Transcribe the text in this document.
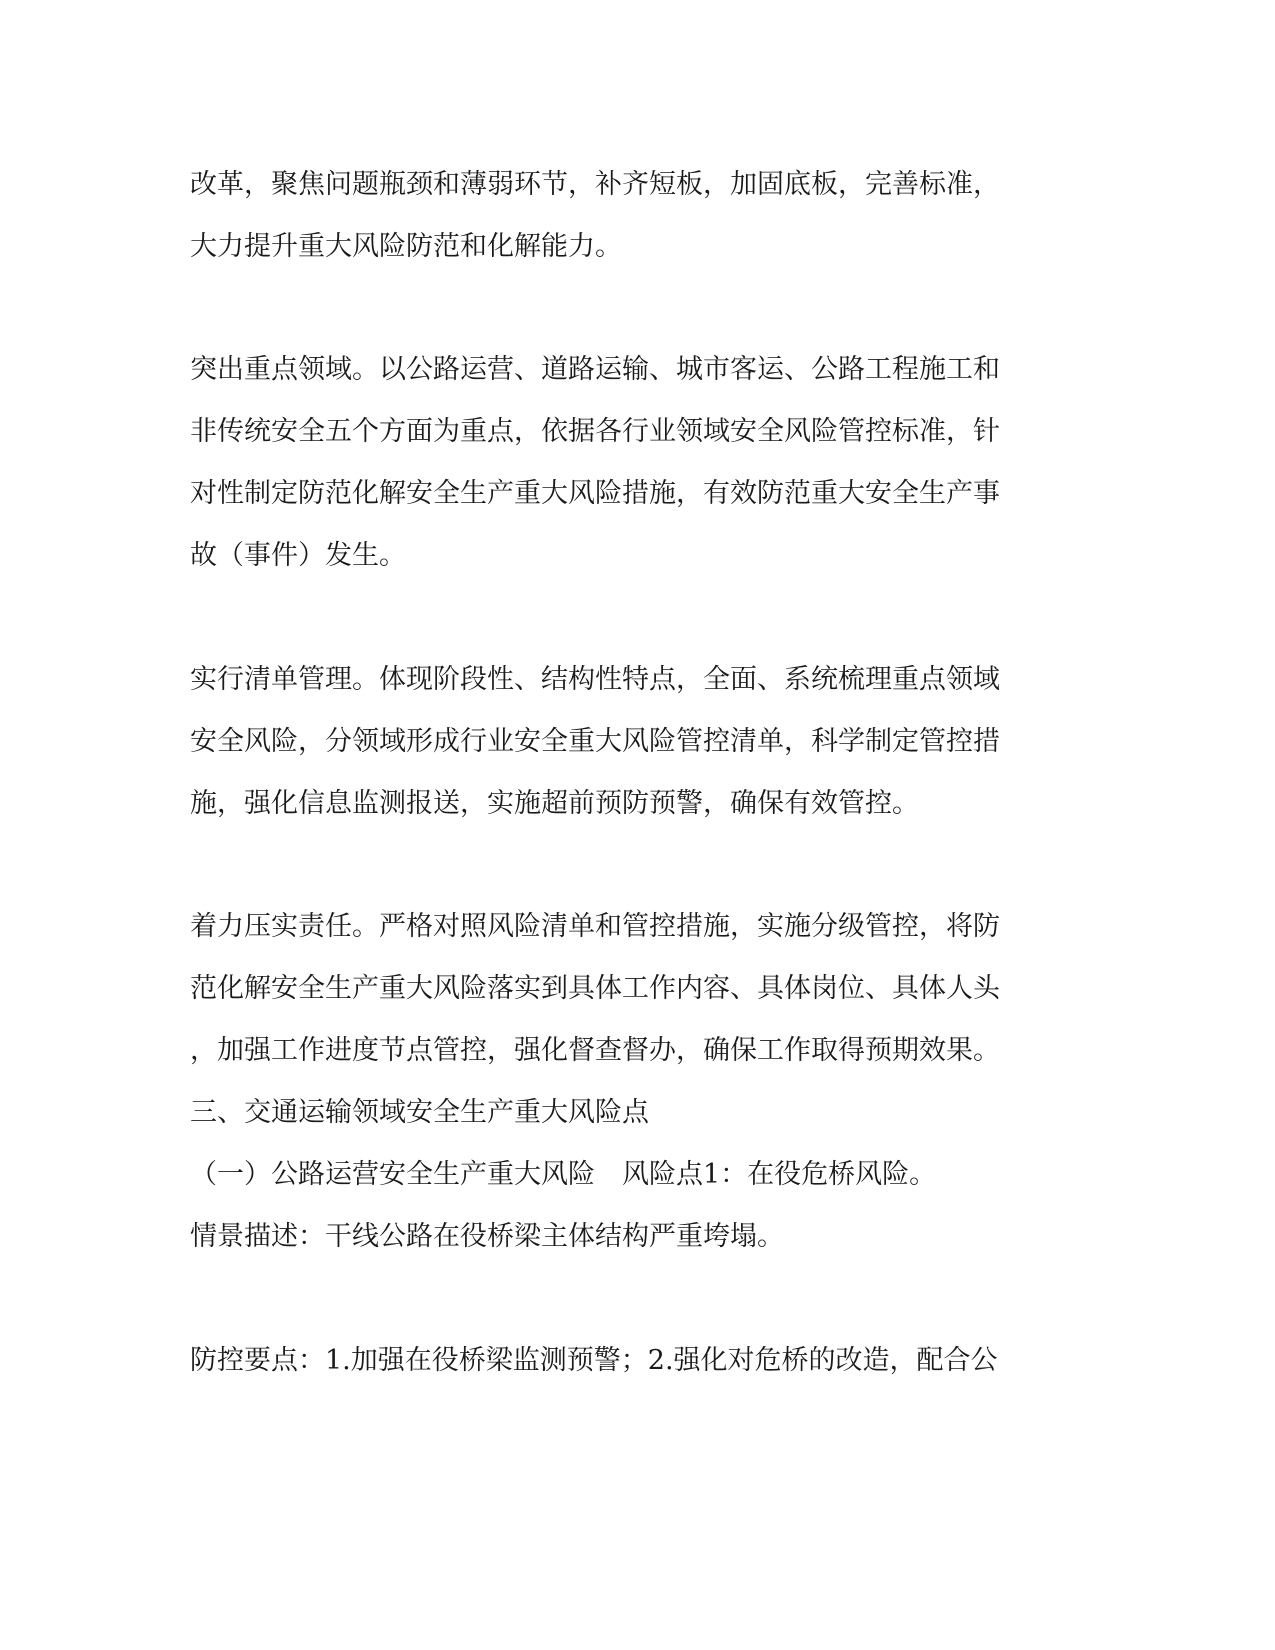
改革，聚焦问题瓶颈和薄弱环节，补齐短板，加固底板，完善标准，
大力提升重大风险防范和化解能力。
突出重点领域。以公路运营、道路运输、城市客运、公路工程施工和
非传统安全五个方面为重点，依据各行业领域安全风险管控标准，针
对性制定防范化解安全生产重大风险措施，有效防范重大安全生产事
故（事件）发生。
实行清单管理。体现阶段性、结构性特点，全面、系统梳理重点领域
安全风险，分领域形成行业安全重大风险管控清单，科学制定管控措
施，强化信息监测报送，实施超前预防预警，确保有效管控。
着力压实责任。严格对照风险清单和管控措施，实施分级管控，将防
范化解安全生产重大风险落实到具体工作内容、具体岗位、具体人头
，加强工作进度节点管控，强化督查督办，确保工作取得预期效果。
三、交通运输领域安全生产重大风险点
（一）公路运营安全生产重大风险　风险点1：在役危桥风险。
情景描述：干线公路在役桥梁主体结构严重垮塌。
防控要点：1.加强在役桥梁监测预警；2.强化对危桥的改造，配合公
